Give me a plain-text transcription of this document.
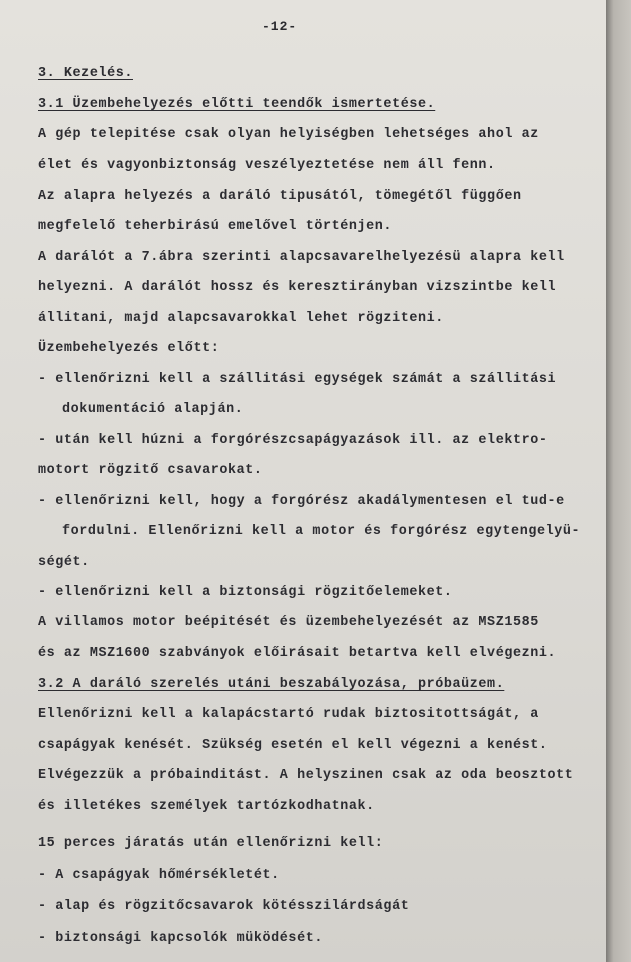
-12-
3. Kezelés.
3.1 Üzembehelyezés előtti teendők ismertetése.
A gép telepitése csak olyan helyiségben lehetséges ahol az
élet és vagyonbiztonság veszélyeztetése nem áll fenn.
Az alapra helyezés a daráló tipusától, tömegétől függően
megfelelő teherbirású emelővel történjen.
A darálót a 7.ábra szerinti alapcsavarelhelyezésü alapra kell
helyezni. A darálót hossz és keresztirányban vizszintbe kell
állitani, majd alapcsavarokkal lehet rögziteni.
Üzembehelyezés előtt:
- ellenőrizni kell a szállitási egységek számát a szállitási
dokumentáció alapján.
- után kell húzni a forgórészcsapágyazások ill. az elektro-
motort rögzitő csavarokat.
- ellenőrizni kell, hogy a forgórész akadálymentesen el tud-e
fordulni. Ellenőrizni kell a motor és forgórész egytengelyü-
ségét.
- ellenőrizni kell a biztonsági rögzitőelemeket.
A villamos motor beépitését és üzembehelyezését az MSZ1585
és az MSZ1600 szabványok előirásait betartva kell elvégezni.
3.2 A daráló szerelés utáni beszabályozása, próbaüzem.
Ellenőrizni kell a kalapácstartó rudak biztositottságát, a
csapágyak kenését. Szükség esetén el kell végezni a kenést.
Elvégezzük a próbainditást. A helyszinen csak az oda beosztott
és illetékes személyek tartózkodhatnak.
15 perces járatás után ellenőrizni kell:
- A csapágyak hőmérsékletét.
- alap és rögzitőcsavarok kötésszilárdságát
- biztonsági kapcsolók müködését.
